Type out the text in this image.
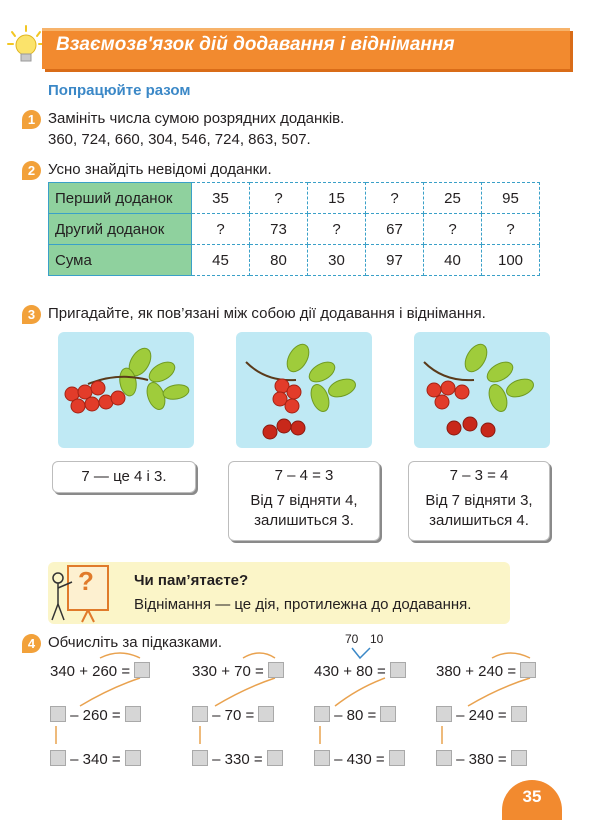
Взаємозв'язок дій додавання і віднімання
Попрацюйте разом
1 Замініть числа сумою розрядних доданків.
360, 724, 660, 304, 546, 724, 863, 507.
2 Усно знайдіть невідомі доданки.
Перший доданок	35	?	15	?	25	95
Другий доданок	?	73	?	67	?	?
Сума	45	80	30	97	40	100
3 Пригадайте, як пов’язані між собою дії додавання і віднімання.
7 — це 4 і 3.	7 – 4 = 3
Від 7 відняти 4,
залишиться 3.
7 – 3 = 4
Від 7 відняти 3,
залишиться 4.
?	Чи пам’ятаєте?
Віднімання — це дія, протилежна до додавання.
4 Обчисліть за підказками.	70 10
340 + 260 =
– 260 =
– 340 =
330 + 70 =
– 70 =
– 330 =
430 + 80 =
– 80 =
– 430 =
380 + 240 =
– 240 =
– 380 =
35
